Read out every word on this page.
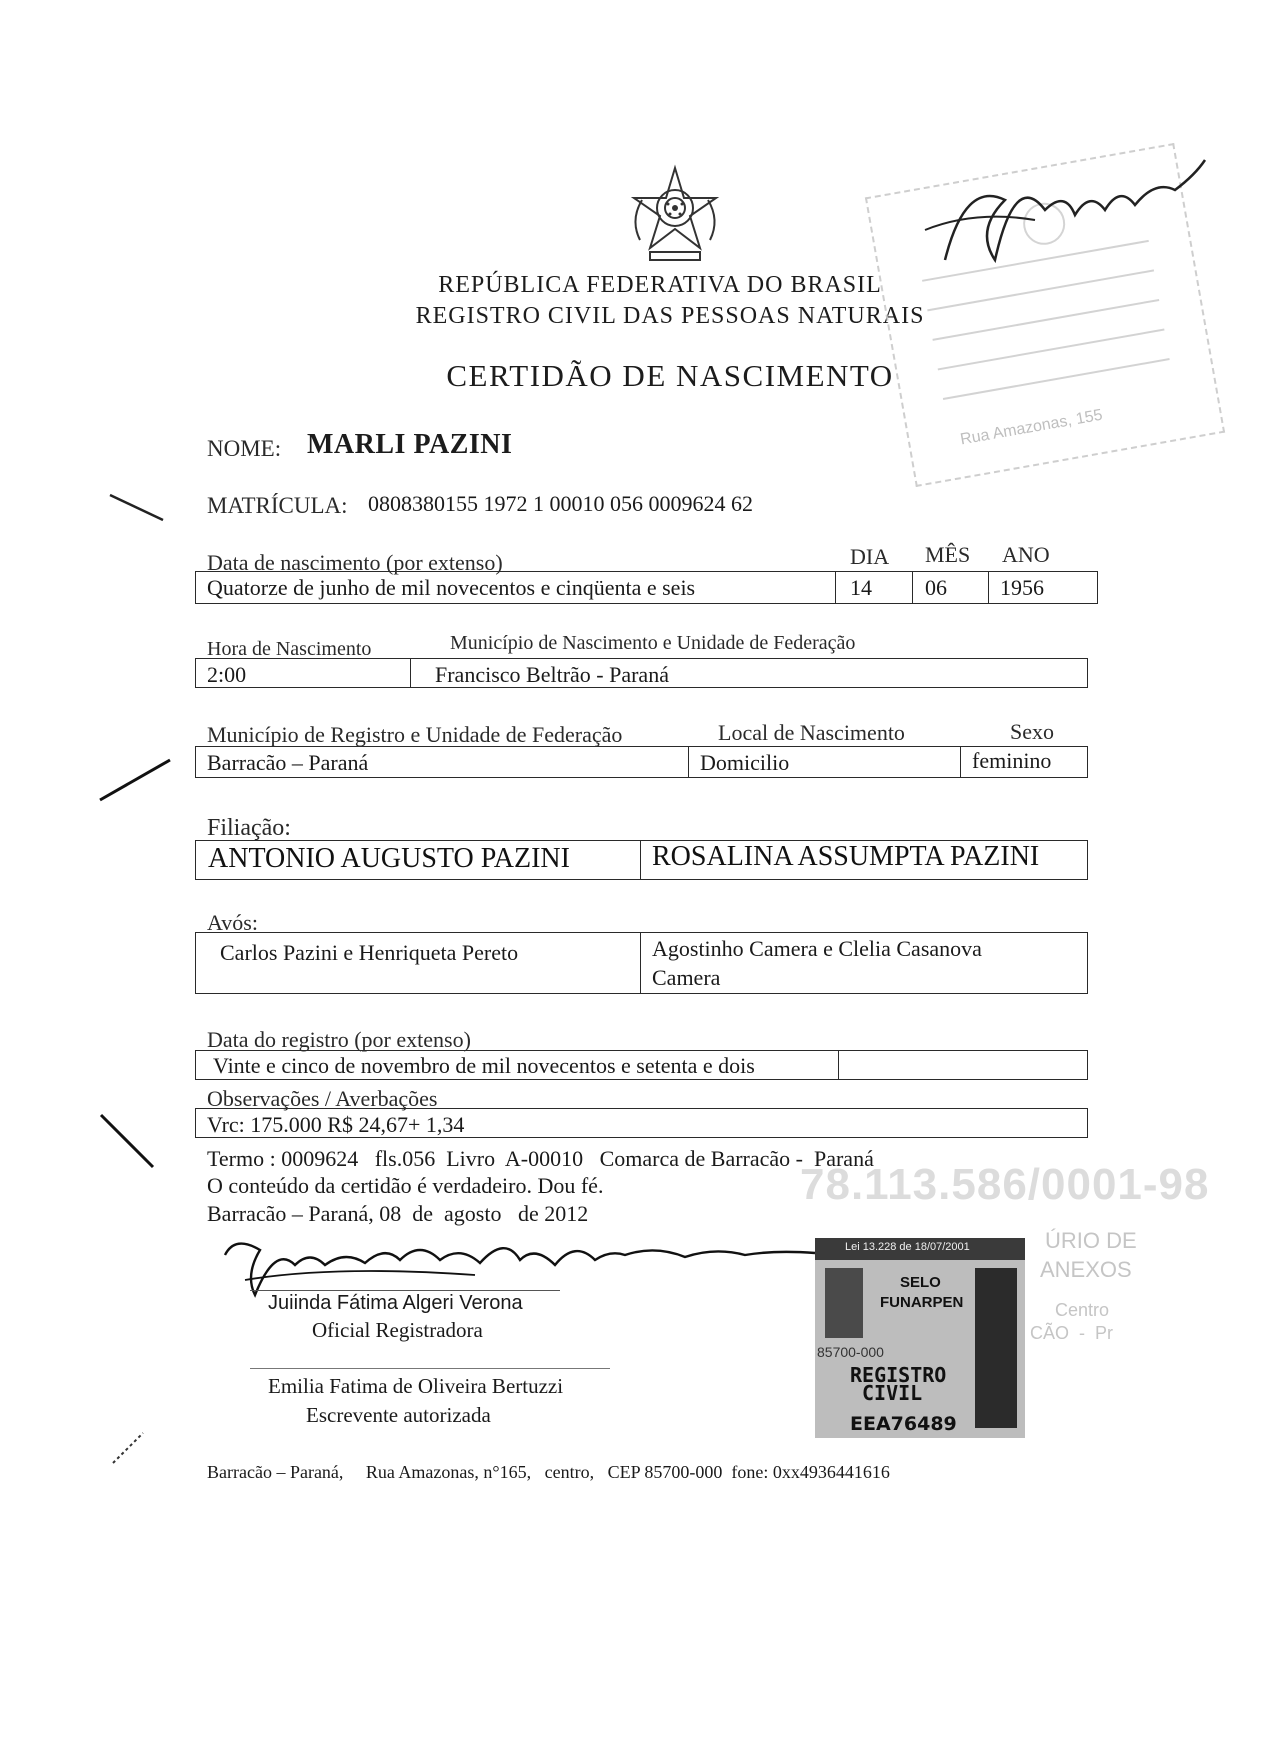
REPÚBLICA FEDERATIVA DO BRASIL
REGISTRO CIVIL DAS PESSOAS NATURAIS
CERTIDÃO DE NASCIMENTO
Rua Amazonas, 155
NOME: MARLI PAZINI
MATRÍCULA: 0808380155 1972 1 00010 056 0009624 62
Data de nascimento (por extenso)	DIA MÊS ANO
Quatorze de junho de mil novecentos e cinqüenta e seis	14 06 1956
Hora de Nascimento	Município de Nascimento e Unidade de Federação
2:00	Francisco Beltrão - Paraná
Município de Registro e Unidade de Federação	Local de Nascimento	Sexo
Barracão – Paraná	Domicilio	feminino
Filiação:
ANTONIO AUGUSTO PAZINI	ROSALINA ASSUMPTA PAZINI
Avós:
Carlos Pazini e Henriqueta Pereto	Agostinho Camera e Clelia Casanova
Camera
Data do registro (por extenso)
Vinte e cinco de novembro de mil novecentos e setenta e dois
Observações / Averbações
Vrc: 175.000 R$ 24,67+ 1,34
Termo : 0009624   fls.056  Livro  A-00010   Comarca de Barracão -  Paraná
O conteúdo da certidão é verdadeiro. Dou fé.
Barracão – Paraná, 08  de  agosto   de 2012
78.113.586/0001-98
Juiinda Fátima Algeri Verona
Oficial Registradora
Emilia Fatima de Oliveira Bertuzzi
Escrevente autorizada
Lei 13.228 de 18/07/2001
SELO
FUNARPEN
85700-000
REGISTRO
CIVIL
EEA76489
ÚRIO DE
ANEXOS
Centro
CÃO  -  Pr
Barracão – Paraná,     Rua Amazonas, n°165,   centro,   CEP 85700-000  fone: 0xx4936441616
